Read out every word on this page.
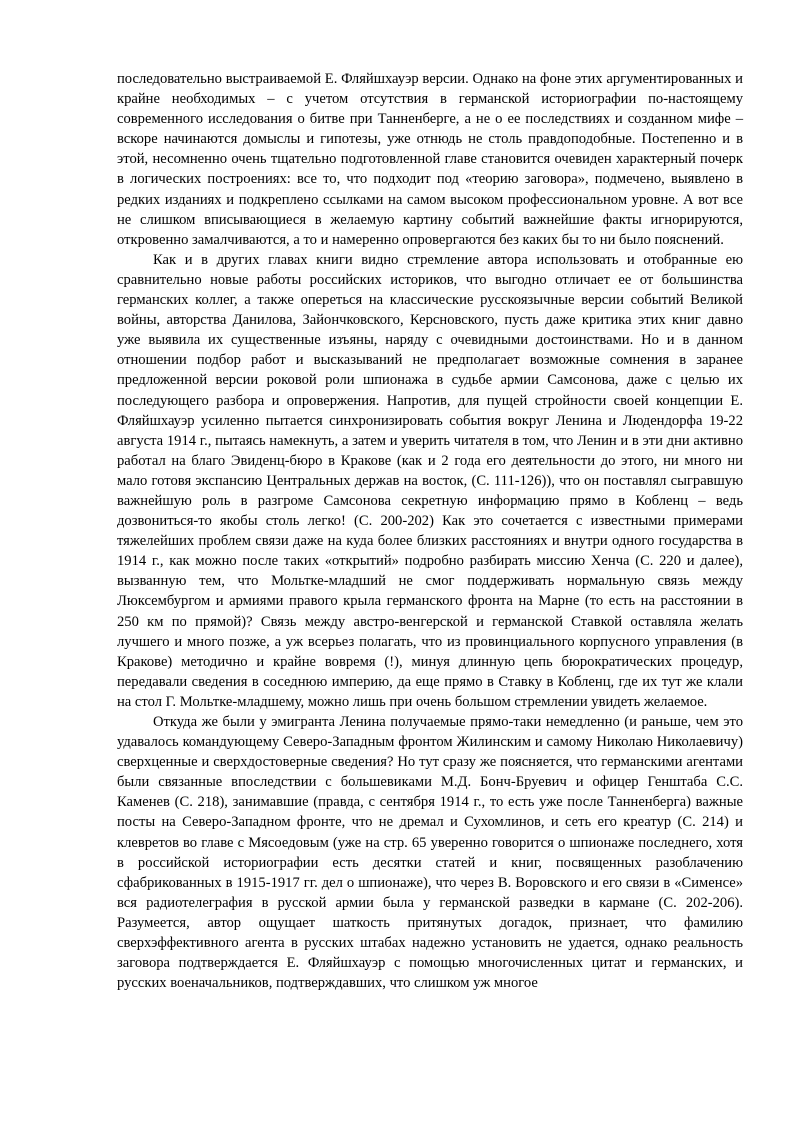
последовательно выстраиваемой Е. Фляйшхауэр версии. Однако на фоне этих аргументированных и крайне необходимых – с учетом отсутствия в германской историографии по-настоящему современного исследования о битве при Танненберге, а не о ее последствиях и созданном мифе – вскоре начинаются домыслы и гипотезы, уже отнюдь не столь правдоподобные. Постепенно и в этой, несомненно очень тщательно подготовленной главе становится очевиден характерный почерк в логических построениях: все то, что подходит под «теорию заговора», подмечено, выявлено в редких изданиях и подкреплено ссылками на самом высоком профессиональном уровне. А вот все не слишком вписывающиеся в желаемую картину событий важнейшие факты игнорируются, откровенно замалчиваются, а то и намеренно опровергаются без каких бы то ни было пояснений.

Как и в других главах книги видно стремление автора использовать и отобранные ею сравнительно новые работы российских историков, что выгодно отличает ее от большинства германских коллег, а также опереться на классические русскоязычные версии событий Великой войны, авторства Данилова, Зайончковского, Керсновского, пусть даже критика этих книг давно уже выявила их существенные изъяны, наряду с очевидными достоинствами. Но и в данном отношении подбор работ и высказываний не предполагает возможные сомнения в заранее предложенной версии роковой роли шпионажа в судьбе армии Самсонова, даже с целью их последующего разбора и опровержения. Напротив, для пущей стройности своей концепции Е. Фляйшхауэр усиленно пытается синхронизировать события вокруг Ленина и Людендорфа 19-22 августа 1914 г., пытаясь намекнуть, а затем и уверить читателя в том, что Ленин и в эти дни активно работал на благо Эвиденц-бюро в Кракове (как и 2 года его деятельности до этого, ни много ни мало готовя экспансию Центральных держав на восток, (С. 111-126)), что он поставлял сыгравшую важнейшую роль в разгроме Самсонова секретную информацию прямо в Кобленц – ведь дозвониться-то якобы столь легко! (С. 200-202) Как это сочетается с известными примерами тяжелейших проблем связи даже на куда более близких расстояниях и внутри одного государства в 1914 г., как можно после таких «открытий» подробно разбирать миссию Хенча (С. 220 и далее), вызванную тем, что Мольтке-младший не смог поддерживать нормальную связь между Люксембургом и армиями правого крыла германского фронта на Марне (то есть на расстоянии в 250 км по прямой)? Связь между австро-венгерской и германской Ставкой оставляла желать лучшего и много позже, а уж всерьез полагать, что из провинциального корпусного управления (в Кракове) методично и крайне вовремя (!), минуя длинную цепь бюрократических процедур, передавали сведения в соседнюю империю, да еще прямо в Ставку в Кобленц, где их тут же клали на стол Г. Мольтке-младшему, можно лишь при очень большом стремлении увидеть желаемое.

Откуда же были у эмигранта Ленина получаемые прямо-таки немедленно (и раньше, чем это удавалось командующему Северо-Западным фронтом Жилинским и самому Николаю Николаевичу) сверхценные и сверхдостоверные сведения? Но тут сразу же поясняется, что германскими агентами были связанные впоследствии с большевиками М.Д. Бонч-Бруевич и офицер Генштаба С.С. Каменев (С. 218), занимавшие (правда, с сентября 1914 г., то есть уже после Танненберга) важные посты на Северо-Западном фронте, что не дремал и Сухомлинов, и сеть его креатур (С. 214) и клевретов во главе с Мясоедовым (уже на стр. 65 уверенно говорится о шпионаже последнего, хотя в российской историографии есть десятки статей и книг, посвященных разоблачению сфабрикованных в 1915-1917 гг. дел о шпионаже), что через В. Воровского и его связи в «Сименсе» вся радиотелеграфия в русской армии была у германской разведки в кармане (С. 202-206). Разумеется, автор ощущает шаткость притянутых догадок, признает, что фамилию сверхэффективного агента в русских штабах надежно установить не удается, однако реальность заговора подтверждается Е. Фляйшхауэр с помощью многочисленных цитат и германских, и русских военачальников, подтверждавших, что слишком уж многое
